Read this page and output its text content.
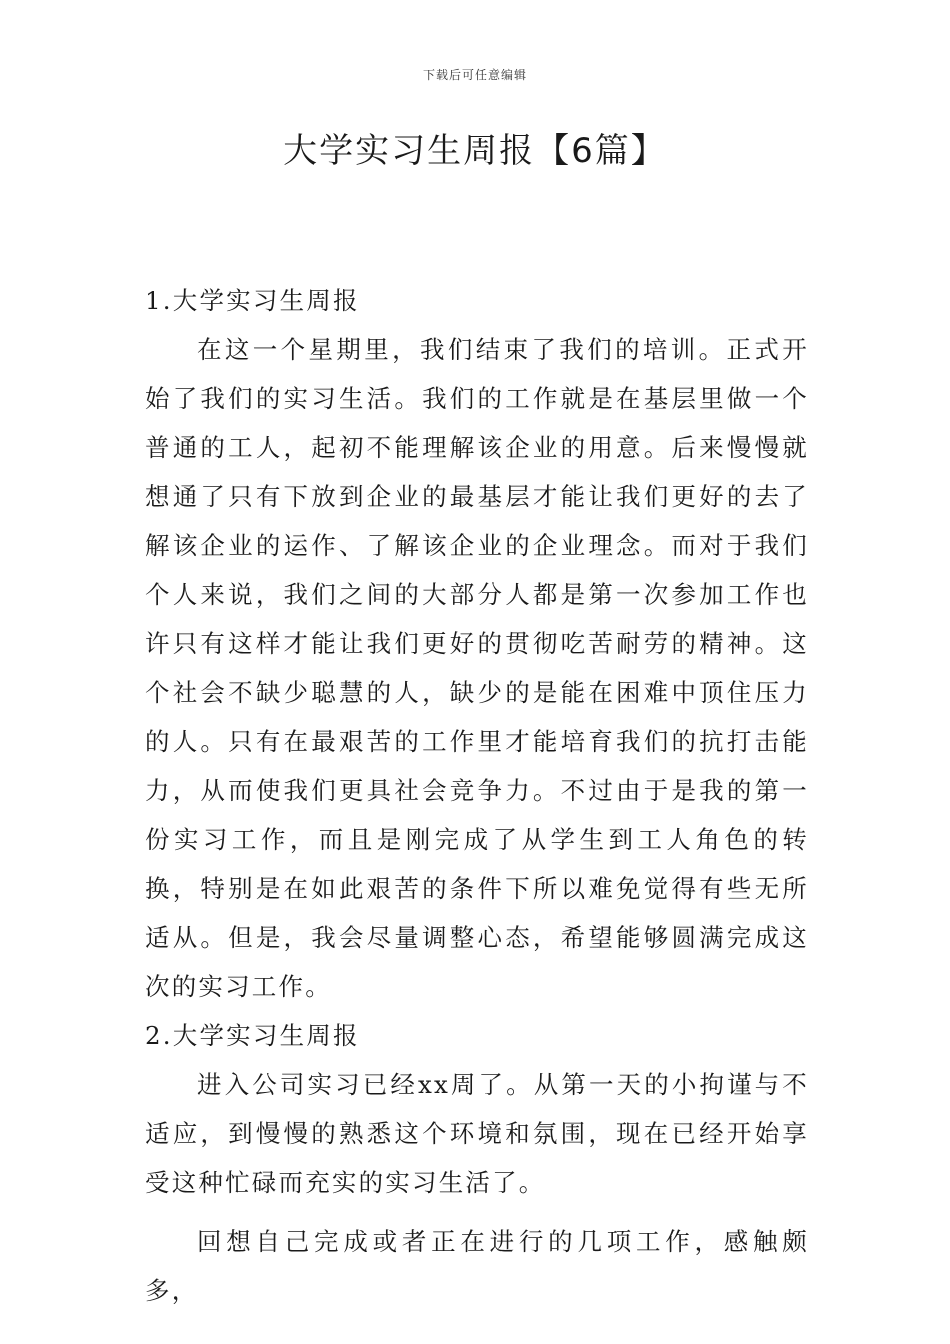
下载后可任意编辑
大学实习生周报【6篇】
1.大学实习生周报

在这一个星期里，我们结束了我们的培训。正式开始了我们的实习生活。我们的工作就是在基层里做一个普通的工人，起初不能理解该企业的用意。后来慢慢就想通了只有下放到企业的最基层才能让我们更好的去了解该企业的运作、了解该企业的企业理念。而对于我们个人来说，我们之间的大部分人都是第一次参加工作也许只有这样才能让我们更好的贯彻吃苦耐劳的精神。这个社会不缺少聪慧的人，缺少的是能在困难中顶住压力的人。只有在最艰苦的工作里才能培育我们的抗打击能力，从而使我们更具社会竞争力。不过由于是我的第一份实习工作，而且是刚完成了从学生到工人角色的转换，特别是在如此艰苦的条件下所以难免觉得有些无所适从。但是，我会尽量调整心态，希望能够圆满完成这次的实习工作。

2.大学实习生周报

进入公司实习已经xx周了。从第一天的小拘谨与不适应，到慢慢的熟悉这个环境和氛围，现在已经开始享受这种忙碌而充实的实习生活了。

回想自己完成或者正在进行的几项工作，感触颇多，
